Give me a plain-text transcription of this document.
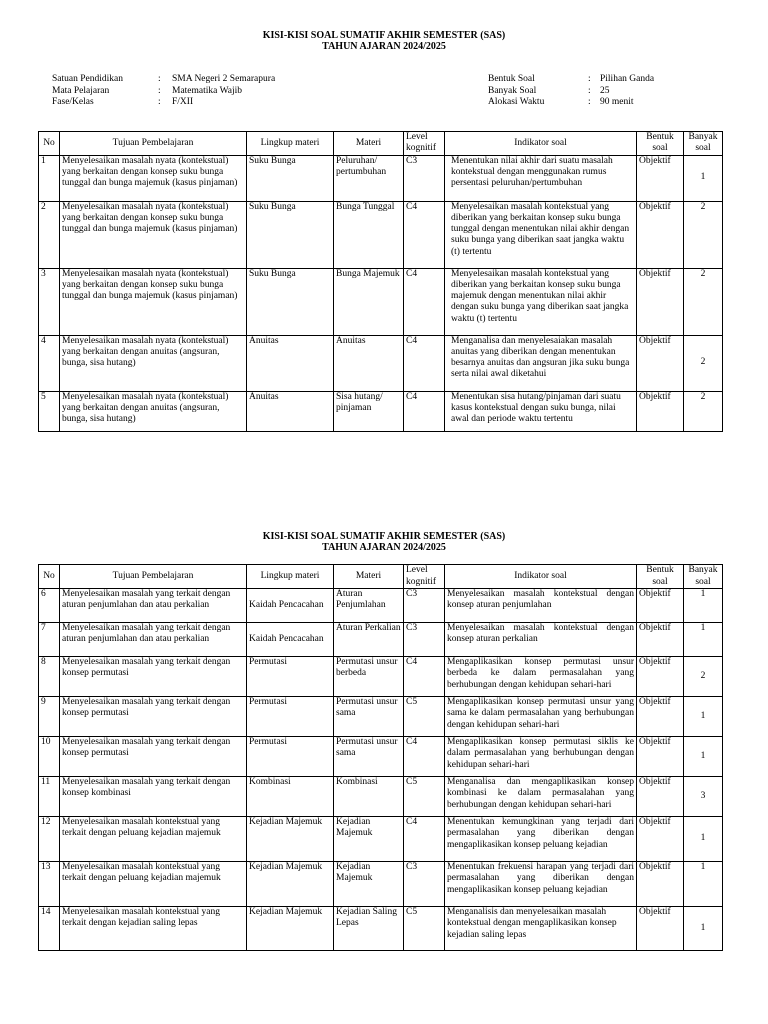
KISI-KISI SOAL SUMATIF AKHIR SEMESTER (SAS)
TAHUN AJARAN 2024/2025
Satuan Pendidikan	:	SMA Negeri 2 Semarapura
Mata Pelajaran	:	Matematika Wajib
Fase/Kelas	:	F/XII
Bentuk Soal	: Pilihan Ganda
Banyak Soal	: 25
Alokasi Waktu	: 90 menit
No	Tujuan Pembelajaran	Lingkup materi	Materi	Level kognitif	Indikator soal	Bentuk soal	Banyak soal
1	Menyelesaikan masalah nyata (kontekstual) yang berkaitan dengan konsep suku bunga tunggal dan bunga majemuk (kasus pinjaman)	Suku Bunga	Peluruhan/ pertumbuhan	C3	Menentukan nilai akhir dari suatu masalah kontekstual dengan menggunakan rumus persentasi peluruhan/pertumbuhan	Objektif	1
2	Menyelesaikan masalah nyata (kontekstual) yang berkaitan dengan konsep suku bunga tunggal dan bunga majemuk (kasus pinjaman)	Suku Bunga	Bunga Tunggal	C4	Menyelesaikan masalah kontekstual yang diberikan yang berkaitan konsep suku bunga tunggal dengan menentukan nilai akhir dengan suku bunga yang diberikan saat jangka waktu (t) tertentu	Objektif	2
3	Menyelesaikan masalah nyata (kontekstual) yang berkaitan dengan konsep suku bunga tunggal dan bunga majemuk (kasus pinjaman)	Suku Bunga	Bunga Majemuk	C4	Menyelesaikan masalah kontekstual yang diberikan yang berkaitan konsep suku bunga majemuk dengan menentukan nilai akhir dengan suku bunga yang diberikan saat jangka waktu (t) tertentu	Objektif	2
4	Menyelesaikan masalah nyata (kontekstual) yang berkaitan dengan anuitas (angsuran, bunga, sisa hutang)	Anuitas	Anuitas	C4	Menganalisa dan menyelesaiakan masalah anuitas yang diberikan dengan menentukan besarnya anuitas dan angsuran jika suku bunga serta nilai awal diketahui	Objektif	2
5	Menyelesaikan masalah nyata (kontekstual) yang berkaitan dengan anuitas (angsuran, bunga, sisa hutang)	Anuitas	Sisa hutang/ pinjaman	C4	Menentukan sisa hutang/pinjaman dari suatu kasus kontekstual dengan suku bunga, nilai awal dan periode waktu tertentu	Objektif	2
KISI-KISI SOAL SUMATIF AKHIR SEMESTER (SAS)
TAHUN AJARAN 2024/2025
No	Tujuan Pembelajaran	Lingkup materi	Materi	Level kognitif	Indikator soal	Bentuk soal	Banyak soal
6	Menyelesaikan masalah yang terkait dengan aturan penjumlahan dan atau perkalian	Kaidah Pencacahan	Aturan Penjumlahan	C3	Menyelesaikan masalah kontekstual dengan konsep aturan penjumlahan	Objektif	1
7	Menyelesaikan masalah yang terkait dengan aturan penjumlahan dan atau perkalian	Kaidah Pencacahan	Aturan Perkalian	C3	Menyelesaikan masalah kontekstual dengan konsep aturan perkalian	Objektif	1
8	Menyelesaikan masalah yang terkait dengan konsep permutasi	Permutasi	Permutasi unsur berbeda	C4	Mengaplikasikan konsep permutasi unsur berbeda ke dalam permasalahan yang berhubungan dengan kehidupan sehari-hari	Objektif	2
9	Menyelesaikan masalah yang terkait dengan konsep permutasi	Permutasi	Permutasi unsur sama	C5	Mengaplikasikan konsep permutasi unsur yang sama ke dalam permasalahan yang berhubungan dengan kehidupan sehari-hari	Objektif	1
10	Menyelesaikan masalah yang terkait dengan konsep permutasi	Permutasi	Permutasi unsur sama	C4	Mengaplikasikan konsep permutasi siklis ke dalam permasalahan yang berhubungan dengan kehidupan sehari-hari	Objektif	1
11	Menyelesaikan masalah yang terkait dengan konsep kombinasi	Kombinasi	Kombinasi	C5	Menganalisa dan mengaplikasikan konsep kombinasi ke dalam permasalahan yang berhubungan dengan kehidupan sehari-hari	Objektif	3
12	Menyelesaikan masalah kontekstual yang terkait dengan peluang kejadian majemuk	Kejadian Majemuk	Kejadian Majemuk	C4	Menentukan kemungkinan yang terjadi dari permasalahan yang diberikan dengan mengaplikasikan konsep peluang kejadian	Objektif	1
13	Menyelesaikan masalah kontekstual yang terkait dengan peluang kejadian majemuk	Kejadian Majemuk	Kejadian Majemuk	C3	Menentukan frekuensi harapan yang terjadi dari permasalahan yang diberikan dengan mengaplikasikan konsep peluang kejadian	Objektif	1
14	Menyelesaikan masalah kontekstual yang terkait dengan kejadian saling lepas	Kejadian Majemuk	Kejadian Saling Lepas	C5	Menganalisis dan menyelesaikan masalah kontekstual dengan mengaplikasikan konsep kejadian saling lepas	Objektif	1
